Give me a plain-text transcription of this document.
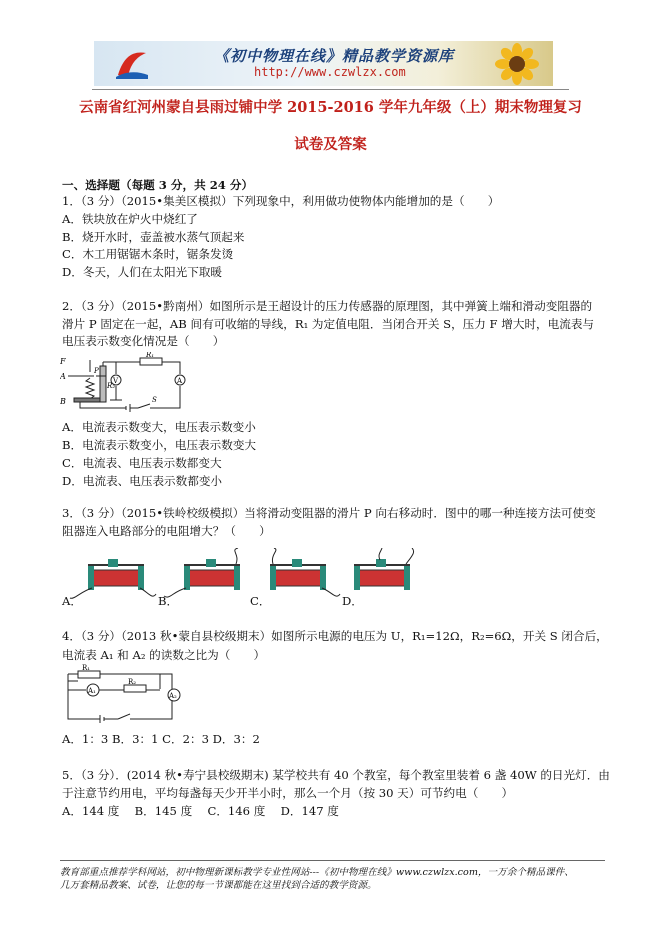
《初中物理在线》精品教学资源库
http://www.czwlzx.com
云南省红河州蒙自县雨过铺中学 2015-2016 学年九年级（上）期末物理复习
试卷及答案
一、选择题（每题 3 分，共 24 分）
1．（3 分）（2015•集美区模拟）下列现象中，利用做功使物体内能增加的是（　　）
A．铁块放在炉火中烧红了
B．烧开水时，壶盖被水蒸气顶起来
C．木工用锯锯木条时，锯条发烫
D．冬天，人们在太阳光下取暖
2．（3 分）（2015•黔南州）如图所示是王超设计的压力传感器的原理图，其中弹簧上端和滑动变阻器的
滑片 P 固定在一起，AB 间有可收缩的导线，R₁ 为定值电阻．当闭合开关 S，压力 F 增大时，电流表与
电压表示数变化情况是（　　）
F
A
P
B
R₁
R₂
V	A
S
A．电流表示数变大，电压表示数变小
B．电流表示数变小，电压表示数变大
C．电流表、电压表示数都变大
D．电流表、电压表示数都变小
3．（3 分）（2015•铁岭校级模拟）当将滑动变阻器的滑片 P 向右移动时．图中的哪一种连接方法可使变
阻器连入电路部分的电阻增大？（　　）
A．	B．	C．	D．
4．（3 分）（2013 秋•蒙自县校级期末）如图所示电源的电压为 U，R₁=12Ω，R₂=6Ω，开关 S 闭合后，
电流表 A₁ 和 A₂ 的读数之比为（　　）
R₁
R₂
A₁
A₂
A．1：3 B．3：1 C．2：3 D．3：2
5．（3 分）．(2014 秋•寿宁县校级期末) 某学校共有 40 个教室，每个教室里装着 6 盏 40W 的日光灯．由
于注意节约用电，平均每盏每天少开半小时，那么一个月（按 30 天）可节约电（　　）
A．144 度　 B．145 度　 C．146 度　 D．147 度
教育部重点推荐学科网站，初中物理新课标教学专业性网站---《初中物理在线》www.czwlzx.com，一万余个精品课件、
几万套精品教案、试卷，让您的每一节课都能在这里找到合适的教学资源。
